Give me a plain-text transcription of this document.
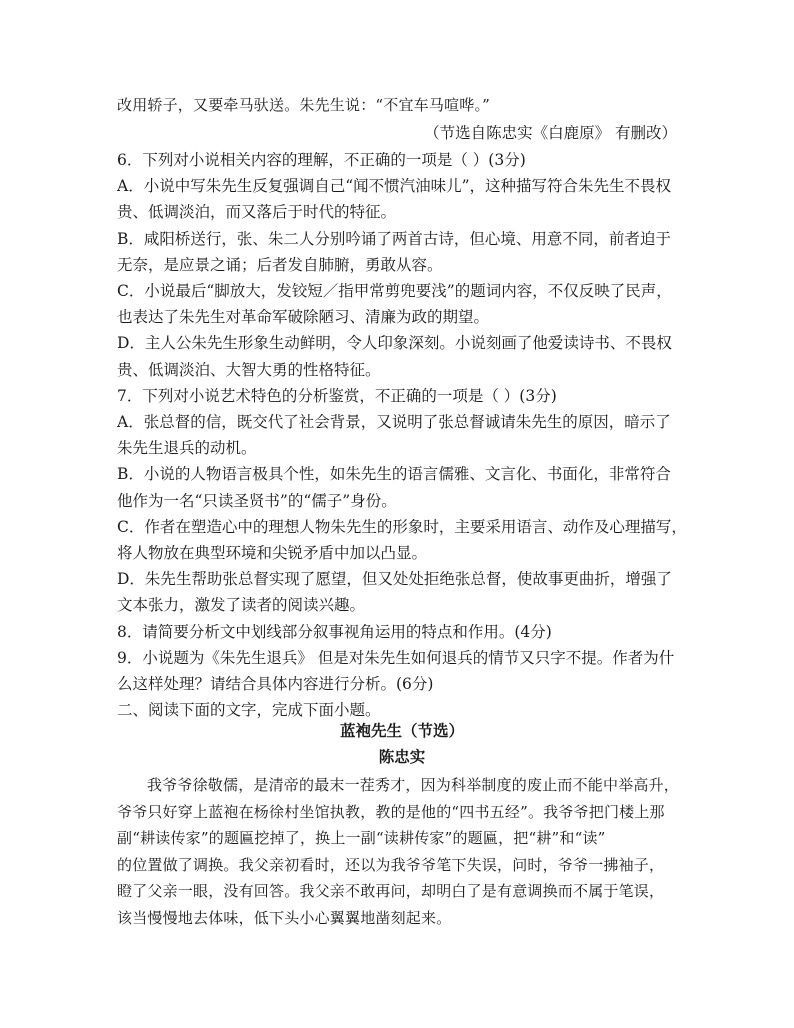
改用轿子，又要牵马驮送。朱先生说：“不宜车马喧哗。”
（节选自陈忠实《白鹿原》 有删改）
6．下列对小说相关内容的理解，不正确的一项是（ ）(3分)
A．小说中写朱先生反复强调自己“闻不惯汽油味儿”，这种描写符合朱先生不畏权
贵、低调淡泊，而又落后于时代的特征。
B．咸阳桥送行，张、朱二人分别吟诵了两首古诗，但心境、用意不同，前者迫于
无奈，是应景之诵；后者发自肺腑，勇敢从容。
C．小说最后“脚放大，发铰短／指甲常剪兜要浅”的题词内容，不仅反映了民声，
也表达了朱先生对革命军破除陋习、清廉为政的期望。
D．主人公朱先生形象生动鲜明，令人印象深刻。小说刻画了他爱读诗书、不畏权
贵、低调淡泊、大智大勇的性格特征。
7．下列对小说艺术特色的分析鉴赏，不正确的一项是（ ）(3分)
A．张总督的信，既交代了社会背景，又说明了张总督诚请朱先生的原因，暗示了
朱先生退兵的动机。
B．小说的人物语言极具个性，如朱先生的语言儒雅、文言化、书面化，非常符合
他作为一名“只读圣贤书”的“儒子”身份。
C．作者在塑造心中的理想人物朱先生的形象时，主要采用语言、动作及心理描写，
将人物放在典型环境和尖锐矛盾中加以凸显。
D．朱先生帮助张总督实现了愿望，但又处处拒绝张总督，使故事更曲折，增强了
文本张力，激发了读者的阅读兴趣。
8．请简要分析文中划线部分叙事视角运用的特点和作用。(4分)
9．小说题为《朱先生退兵》 但是对朱先生如何退兵的情节又只字不提。作者为什
么这样处理？请结合具体内容进行分析。(6分)
二、阅读下面的文字，完成下面小题。
蓝袍先生（节选）
陈忠实
我爷爷徐敬儒，是清帝的最末一茬秀才，因为科举制度的废止而不能中举高升，
爷爷只好穿上蓝袍在杨徐村坐馆执教，教的是他的“四书五经”。我爷爷把门楼上那
副“耕读传家”的题匾挖掉了，换上一副“读耕传家”的题匾，把“耕”和“读”
的位置做了调换。我父亲初看时，还以为我爷爷笔下失误，问时，爷爷一拂袖子，
瞪了父亲一眼，没有回答。我父亲不敢再问，却明白了是有意调换而不属于笔误，
该当慢慢地去体味，低下头小心翼翼地凿刻起来。
